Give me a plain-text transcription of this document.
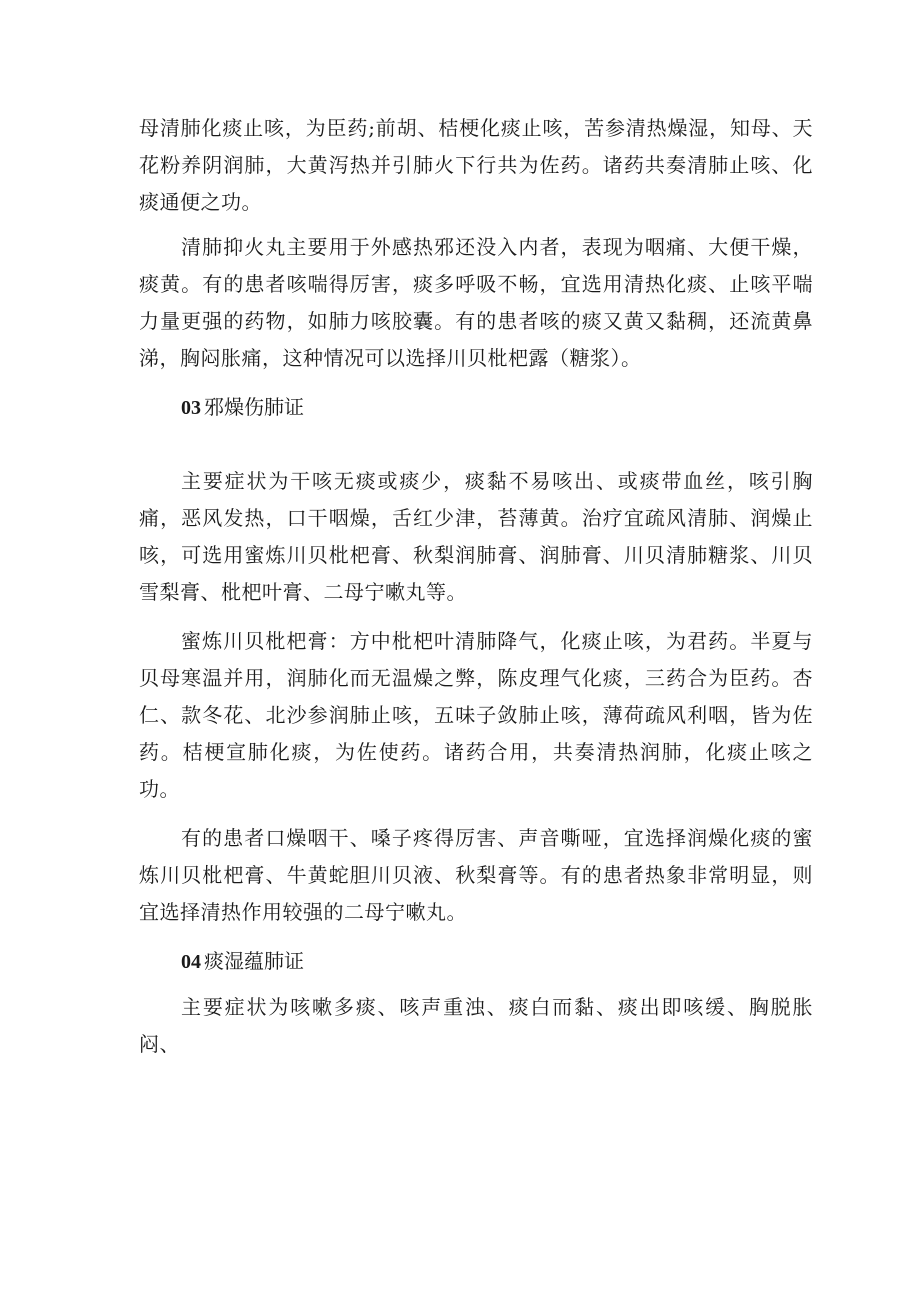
母清肺化痰止咳，为臣药;前胡、桔梗化痰止咳，苦参清热燥湿，知母、天花粉养阴润肺，大黄泻热并引肺火下行共为佐药。诸药共奏清肺止咳、化痰通便之功。

清肺抑火丸主要用于外感热邪还没入内者，表现为咽痛、大便干燥，痰黄。有的患者咳喘得厉害，痰多呼吸不畅，宜选用清热化痰、止咳平喘力量更强的药物，如肺力咳胶囊。有的患者咳的痰又黄又黏稠，还流黄鼻涕，胸闷胀痛，这种情况可以选择川贝枇杷露（糖浆）。

03 邪燥伤肺证

主要症状为干咳无痰或痰少，痰黏不易咳出、或痰带血丝，咳引胸痛，恶风发热，口干咽燥，舌红少津，苔薄黄。治疗宜疏风清肺、润燥止咳，可选用蜜炼川贝枇杷膏、秋梨润肺膏、润肺膏、川贝清肺糖浆、川贝雪梨膏、枇杷叶膏、二母宁嗽丸等。

蜜炼川贝枇杷膏：方中枇杷叶清肺降气，化痰止咳，为君药。半夏与贝母寒温并用，润肺化而无温燥之弊，陈皮理气化痰，三药合为臣药。杏仁、款冬花、北沙参润肺止咳，五味子敛肺止咳，薄荷疏风利咽，皆为佐药。桔梗宣肺化痰，为佐使药。诸药合用，共奏清热润肺，化痰止咳之功。

有的患者口燥咽干、嗓子疼得厉害、声音嘶哑，宜选择润燥化痰的蜜炼川贝枇杷膏、牛黄蛇胆川贝液、秋梨膏等。有的患者热象非常明显，则宜选择清热作用较强的二母宁嗽丸。

04 痰湿蕴肺证

主要症状为咳嗽多痰、咳声重浊、痰白而黏、痰出即咳缓、胸脱胀闷、
